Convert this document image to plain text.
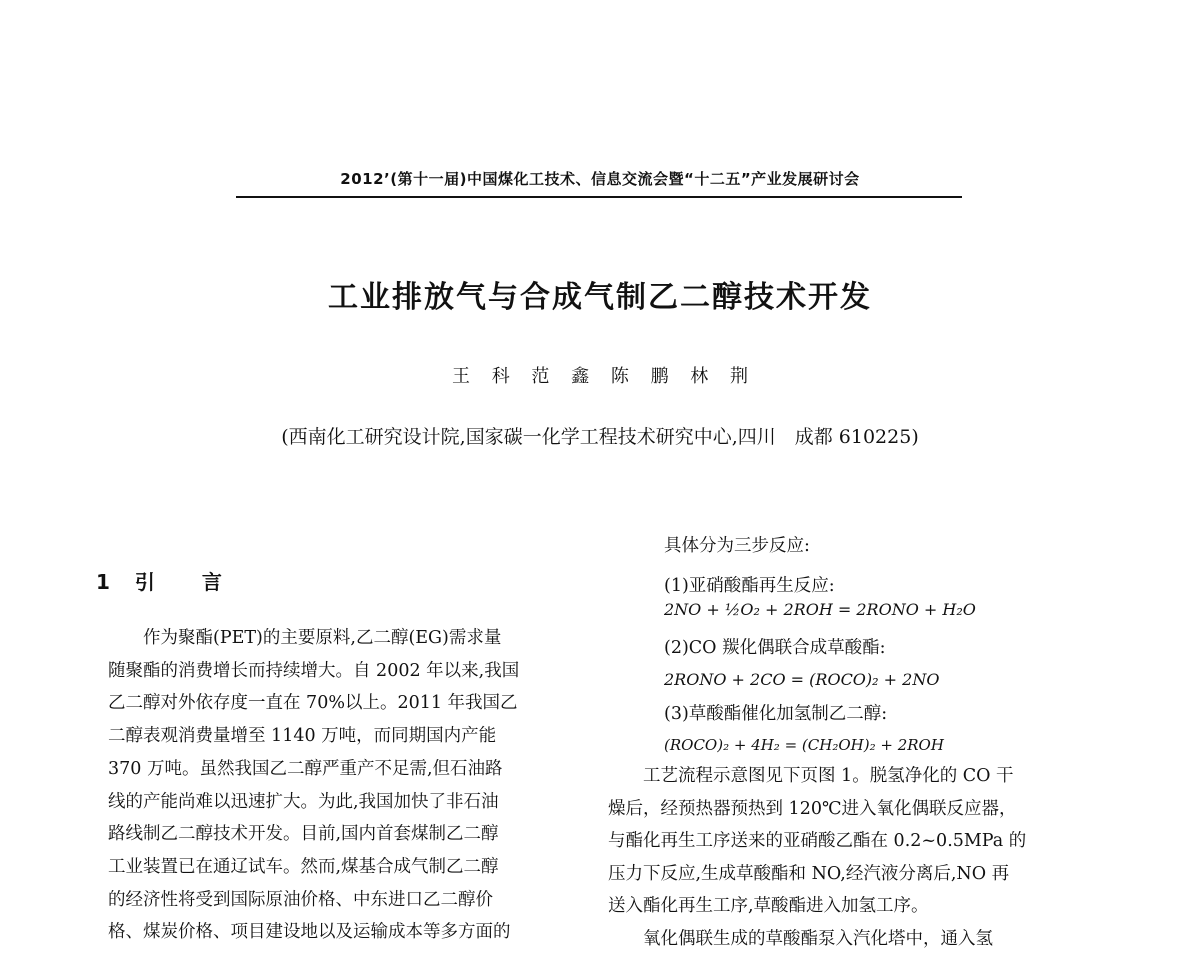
2012’(第十一届)中国煤化工技术、信息交流会暨“十二五”产业发展研讨会
工业排放气与合成气制乙二醇技术开发
王 科 范 鑫 陈 鹏 林 荆
(西南化工研究设计院,国家碳一化学工程技术研究中心,四川　成都 610225)
1 引 言

作为聚酯(PET)的主要原料,乙二醇(EG)需求量

随聚酯的消费增长而持续增大。自 2002 年以来,我国
乙二醇对外依存度一直在 70%以上。2011 年我国乙
二醇表观消费量增至 1140 万吨，而同期国内产能
370 万吨。虽然我国乙二醇严重产不足需,但石油路
线的产能尚难以迅速扩大。为此,我国加快了非石油
路线制乙二醇技术开发。目前,国内首套煤制乙二醇
工业装置已在通辽试车。然而,煤基合成气制乙二醇
的经济性将受到国际原油价格、中东进口乙二醇价
格、煤炭价格、项目建设地以及运输成本等多方面的
具体分为三步反应:
(1)亚硝酸酯再生反应:
2NO + ½O₂ + 2ROH = 2RONO + H₂O
(2)CO 羰化偶联合成草酸酯:
2RONO + 2CO = (ROCO)₂ + 2NO
(3)草酸酯催化加氢制乙二醇:
(ROCO)₂ + 4H₂ = (CH₂OH)₂ + 2ROH

工艺流程示意图见下页图 1。脱氢净化的 CO 干

燥后，经预热器预热到 120℃进入氧化偶联反应器，
与酯化再生工序送来的亚硝酸乙酯在 0.2~0.5MPa 的
压力下反应,生成草酸酯和 NO,经汽液分离后,NO 再
送入酯化再生工序,草酸酯进入加氢工序。

氧化偶联生成的草酸酯泵入汽化塔中，通入氢
